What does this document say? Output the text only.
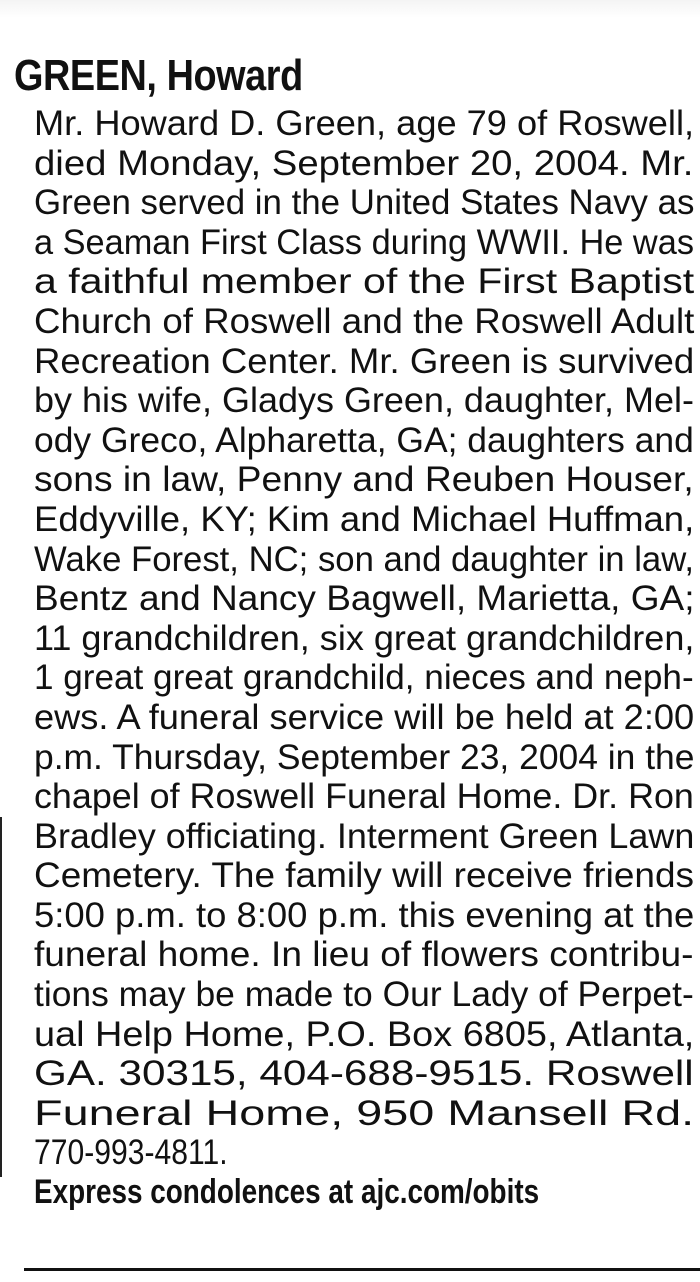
GREEN, Howard
Mr. Howard D. Green, age 79 of Roswell,
died Monday, September 20, 2004. Mr.
Green served in the United States Navy as
a Seaman First Class during WWII. He was
a faithful member of the First Baptist
Church of Roswell and the Roswell Adult
Recreation Center. Mr. Green is survived
by his wife, Gladys Green, daughter, Mel-
ody Greco, Alpharetta, GA; daughters and
sons in law, Penny and Reuben Houser,
Eddyville, KY; Kim and Michael Huffman,
Wake Forest, NC; son and daughter in law,
Bentz and Nancy Bagwell, Marietta, GA;
11 grandchildren, six great grandchildren,
1 great great grandchild, nieces and neph-
ews. A funeral service will be held at 2:00
p.m. Thursday, September 23, 2004 in the
chapel of Roswell Funeral Home. Dr. Ron
Bradley officiating. Interment Green Lawn
Cemetery. The family will receive friends
5:00 p.m. to 8:00 p.m. this evening at the
funeral home. In lieu of flowers contribu-
tions may be made to Our Lady of Perpet-
ual Help Home, P.O. Box 6805, Atlanta,
GA. 30315, 404-688-9515. Roswell
Funeral Home, 950 Mansell Rd.
770-993-4811.
Express condolences at ajc.com/obits
